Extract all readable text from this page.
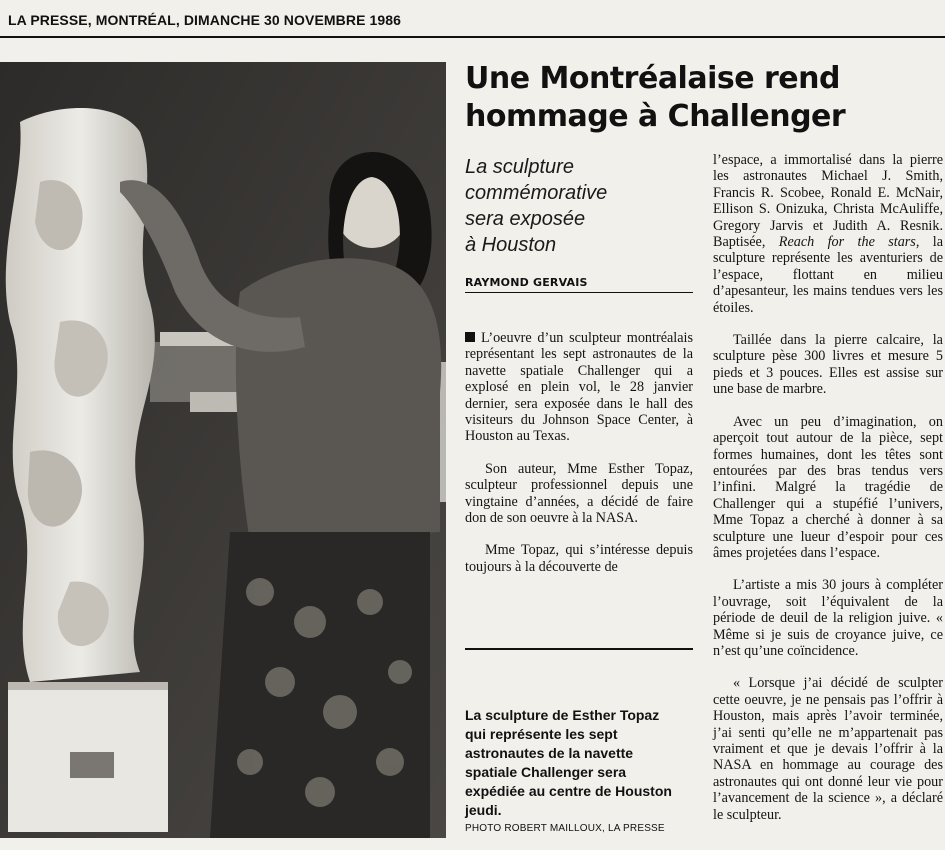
LA PRESSE, MONTRÉAL, DIMANCHE 30 NOVEMBRE 1986
Une Montréalaise rend
hommage à Challenger
La sculpture
commémorative
sera exposée
à Houston
RAYMOND GERVAIS

L’oeuvre d’un sculpteur montréalais représentant les sept astronautes de la navette spatiale Challenger qui a explosé en plein vol, le 28 janvier dernier, sera exposée dans le hall des visiteurs du Johnson Space Center, à Houston au Texas.

Son auteur, Mme Esther Topaz, sculpteur professionnel depuis une vingtaine d’années, a décidé de faire don de son oeuvre à la NASA.

Mme Topaz, qui s’intéresse depuis toujours à la découverte de

l’espace, a immortalisé dans la pierre les astronautes Michael J. Smith, Francis R. Scobee, Ronald E. McNair, Ellison S. Onizuka, Christa McAuliffe, Gregory Jarvis et Judith A. Resnik. Baptisée, Reach for the stars, la sculpture représente les aventuriers de l’espace, flottant en milieu d’apesanteur, les mains tendues vers les étoiles.

Taillée dans la pierre calcaire, la sculpture pèse 300 livres et mesure 5 pieds et 3 pouces. Elles est assise sur une base de marbre.

Avec un peu d’imagination, on aperçoit tout autour de la pièce, sept formes humaines, dont les têtes sont entourées par des bras tendus vers l’infini. Malgré la tragédie de Challenger qui a stupéfié l’univers, Mme Topaz a cherché à donner à sa sculpture une lueur d’espoir pour ces âmes projetées dans l’espace.

L’artiste a mis 30 jours à compléter l’ouvrage, soit l’équivalent de la période de deuil de la religion juive. « Même si je suis de croyance juive, ce n’est qu’une coïncidence.

« Lorsque j’ai décidé de sculpter cette oeuvre, je ne pensais pas l’offrir à Houston, mais après l’avoir terminée, j’ai senti qu’elle ne m’appartenait pas vraiment et que je devais l’offrir à la NASA en hommage au courage des astronautes qui ont donné leur vie pour l’avancement de la science », a déclaré le sculpteur.

La sculpture de Esther Topaz
qui représente les sept
astronautes de la navette
spatiale Challenger sera
expédiée au centre de Houston
jeudi.
PHOTO ROBERT MAILLOUX, LA PRESSE
